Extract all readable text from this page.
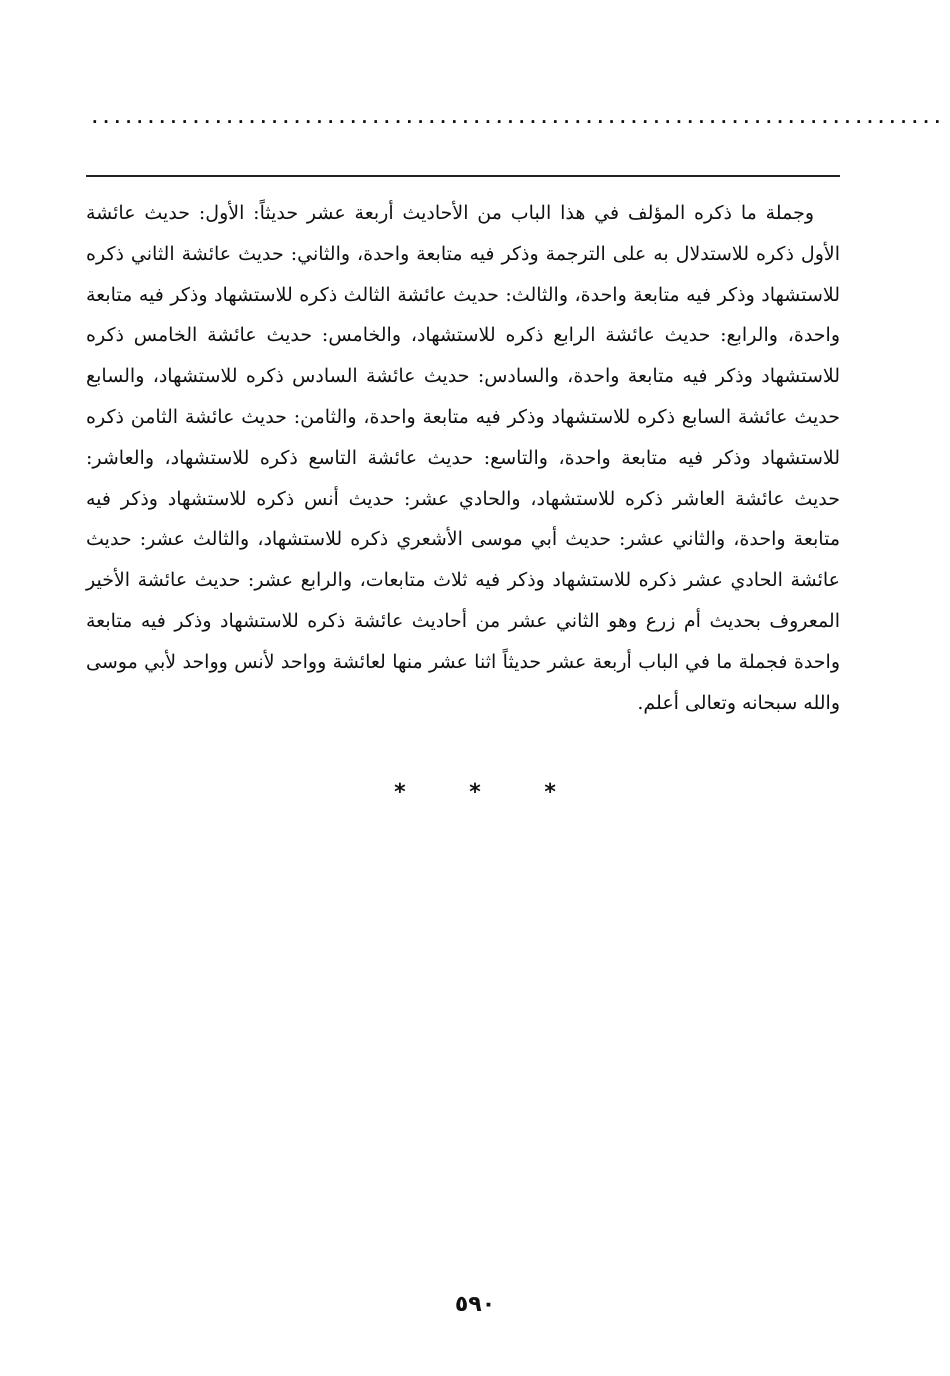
............................................................................

وجملة ما ذكره المؤلف في هذا الباب من الأحاديث أربعة عشر حديثاً: الأول: حديث عائشة الأول ذكره للاستدلال به على الترجمة وذكر فيه متابعة واحدة، والثاني: حديث عائشة الثاني ذكره للاستشهاد وذكر فيه متابعة واحدة، والثالث: حديث عائشة الثالث ذكره للاستشهاد وذكر فيه متابعة واحدة، والرابع: حديث عائشة الرابع ذكره للاستشهاد، والخامس: حديث عائشة الخامس ذكره للاستشهاد وذكر فيه متابعة واحدة، والسادس: حديث عائشة السادس ذكره للاستشهاد، والسابع حديث عائشة السابع ذكره للاستشهاد وذكر فيه متابعة واحدة، والثامن: حديث عائشة الثامن ذكره للاستشهاد وذكر فيه متابعة واحدة، والتاسع: حديث عائشة التاسع ذكره للاستشهاد، والعاشر: حديث عائشة العاشر ذكره للاستشهاد، والحادي عشر: حديث أنس ذكره للاستشهاد وذكر فيه متابعة واحدة، والثاني عشر: حديث أبي موسى الأشعري ذكره للاستشهاد، والثالث عشر: حديث عائشة الحادي عشر ذكره للاستشهاد وذكر فيه ثلاث متابعات، والرابع عشر: حديث عائشة الأخير المعروف بحديث أم زرع وهو الثاني عشر من أحاديث عائشة ذكره للاستشهاد وذكر فيه متابعة واحدة فجملة ما في الباب أربعة عشر حديثاً اثنا عشر منها لعائشة وواحد لأنس وواحد لأبي موسى والله سبحانه وتعالى أعلم.

* * *
٥٩٠
